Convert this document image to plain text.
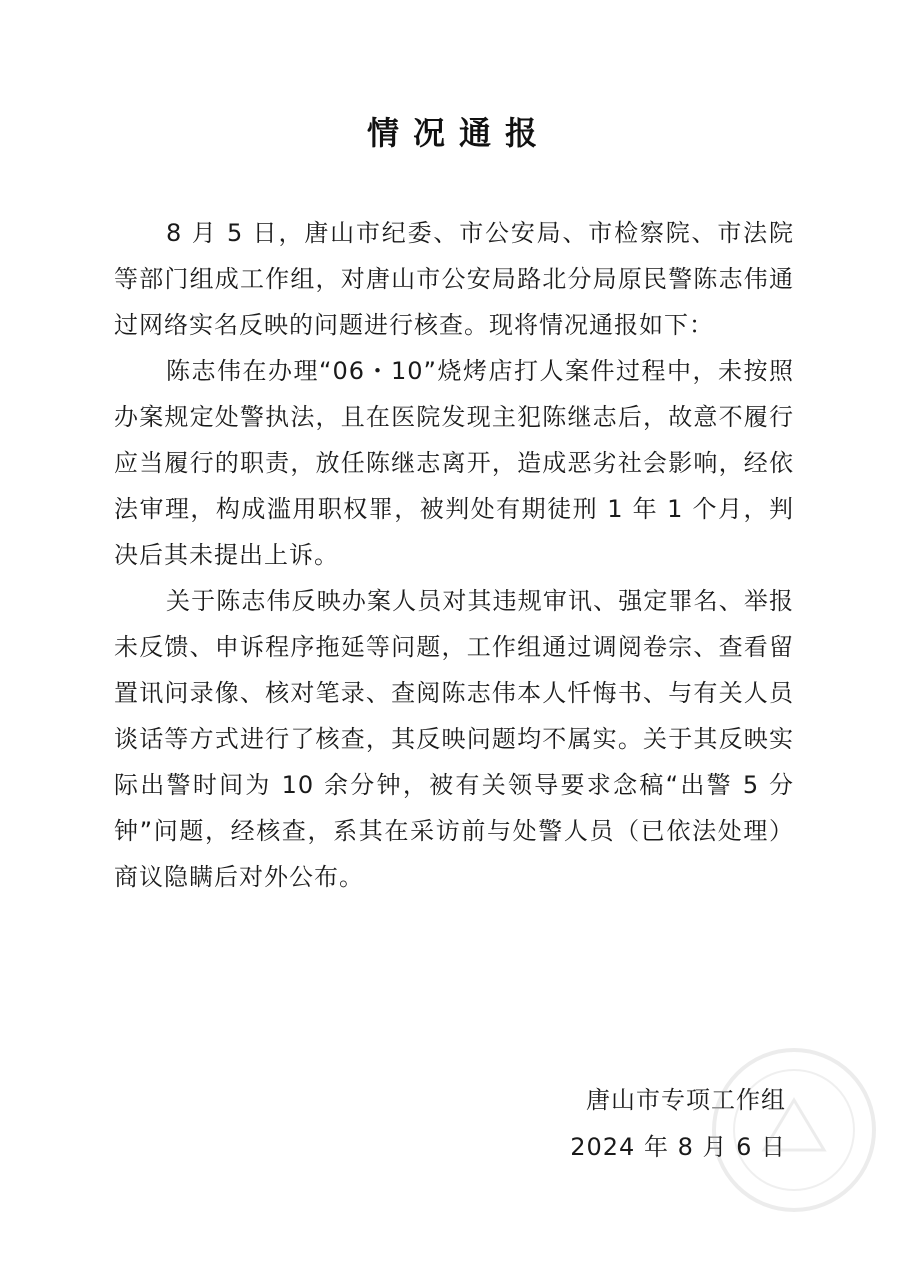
情况通报

8 月 5 日，唐山市纪委、市公安局、市检察院、市法院等部门组成工作组，对唐山市公安局路北分局原民警陈志伟通过网络实名反映的问题进行核查。现将情况通报如下：

陈志伟在办理“06・10”烧烤店打人案件过程中，未按照办案规定处警执法，且在医院发现主犯陈继志后，故意不履行应当履行的职责，放任陈继志离开，造成恶劣社会影响，经依法审理，构成滥用职权罪，被判处有期徒刑 1 年 1 个月，判决后其未提出上诉。

关于陈志伟反映办案人员对其违规审讯、强定罪名、举报未反馈、申诉程序拖延等问题，工作组通过调阅卷宗、查看留置讯问录像、核对笔录、查阅陈志伟本人忏悔书、与有关人员谈话等方式进行了核查，其反映问题均不属实。关于其反映实际出警时间为 10 余分钟，被有关领导要求念稿“出警 5 分钟”问题，经核查，系其在采访前与处警人员（已依法处理）商议隐瞒后对外公布。

唐山市专项工作组
2024 年 8 月 6 日
